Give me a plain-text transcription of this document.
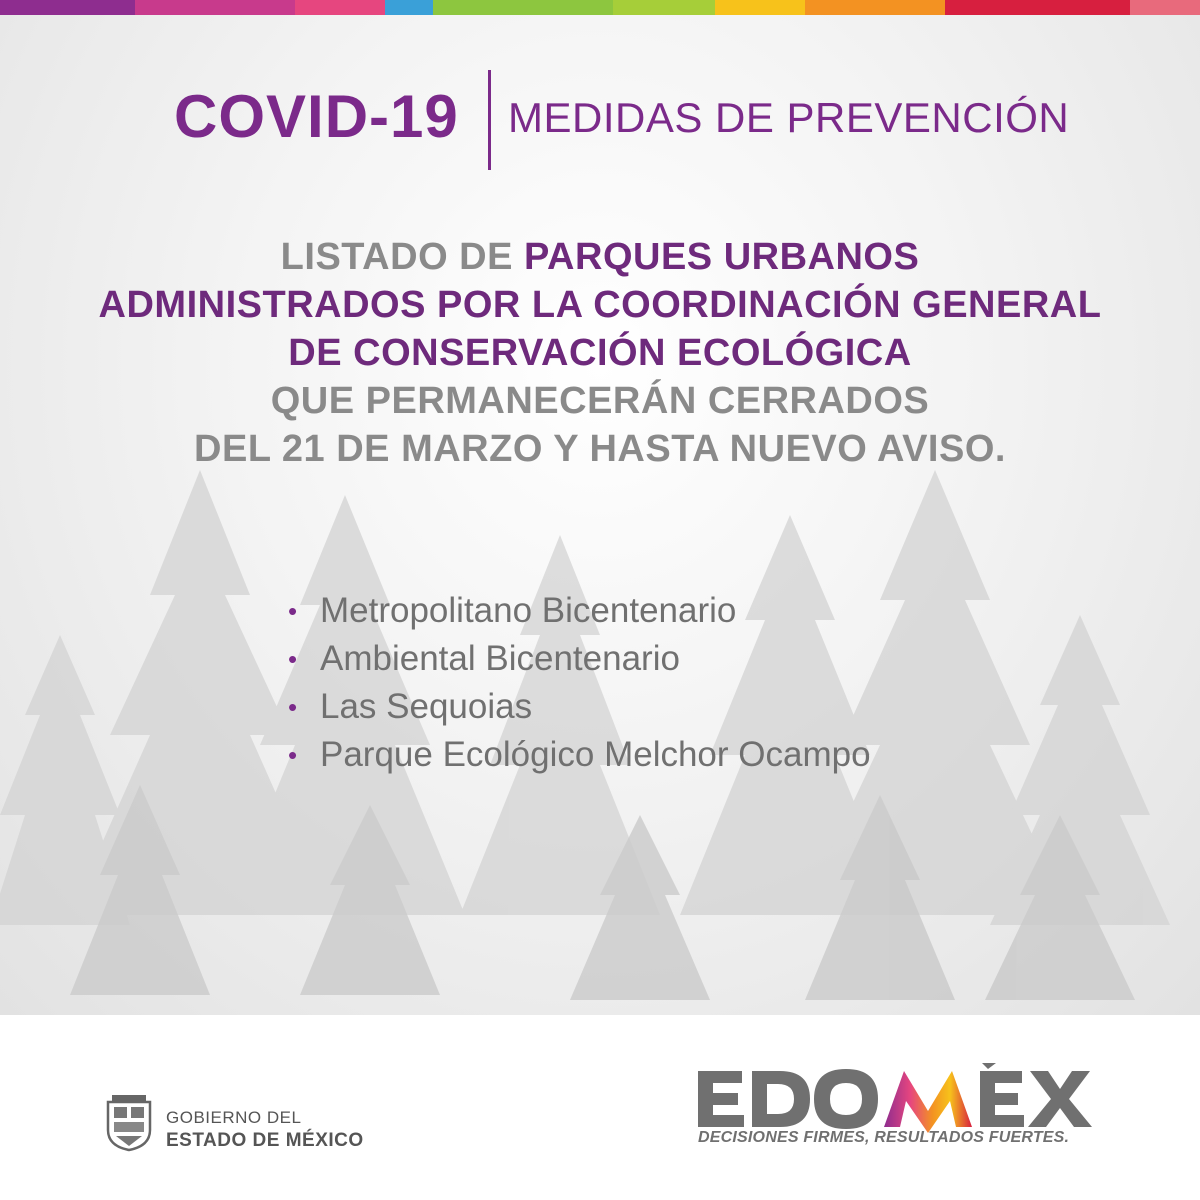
COVID-19 MEDIDAS DE PREVENCIÓN
LISTADO DE PARQUES URBANOS
ADMINISTRADOS POR LA COORDINACIÓN GENERAL
DE CONSERVACIÓN ECOLÓGICA
QUE PERMANECERÁN CERRADOS
DEL 21 DE MARZO Y HASTA NUEVO AVISO.
• Metropolitano Bicentenario
• Ambiental Bicentenario
• Las Sequoias
• Parque Ecológico Melchor Ocampo
GOBIERNO DEL
ESTADO DE MÉXICO	DECISIONES FIRMES, RESULTADOS FUERTES.
